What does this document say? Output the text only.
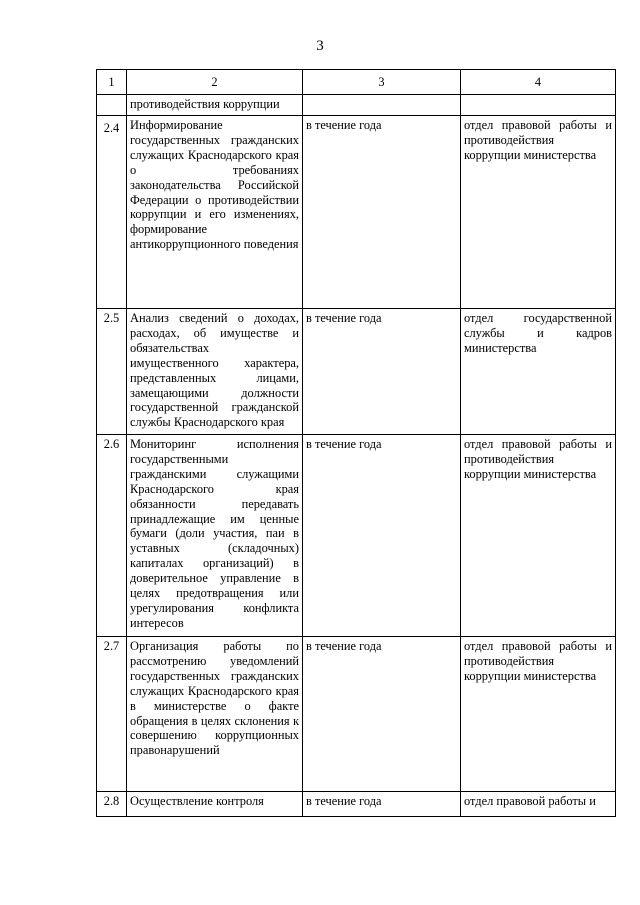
3
1	2	3	4
	противодействия коррупции		
2.4	Информирование государственных гражданских служащих Краснодарского края о требованиях законодательства Российской Федерации о противодействии коррупции и его изменениях, формирование антикоррупционного поведения	в течение года	отдел правовой работы и противодействия коррупции министерства
2.5	Анализ сведений о доходах, расходах, об имуществе и обязательствах имущественного характера, представленных лицами, замещающими должности государственной гражданской службы Краснодарского края	в течение года	отдел государственной службы и кадров министерства
2.6	Мониторинг исполнения государственными гражданскими служащими Краснодарского края обязанности передавать принадлежащие им ценные бумаги (доли участия, паи в уставных (складочных) капиталах организаций) в доверительное управление в целях предотвращения или урегулирования конфликта интересов	в течение года	отдел правовой работы и противодействия коррупции министерства
2.7	Организация работы по рассмотрению уведомлений государственных гражданских служащих Краснодарского края в министерстве о факте обращения в целях склонения к совершению коррупционных правонарушений	в течение года	отдел правовой работы и противодействия коррупции министерства
2.8	Осуществление контроля	в течение года	отдел правовой работы и
